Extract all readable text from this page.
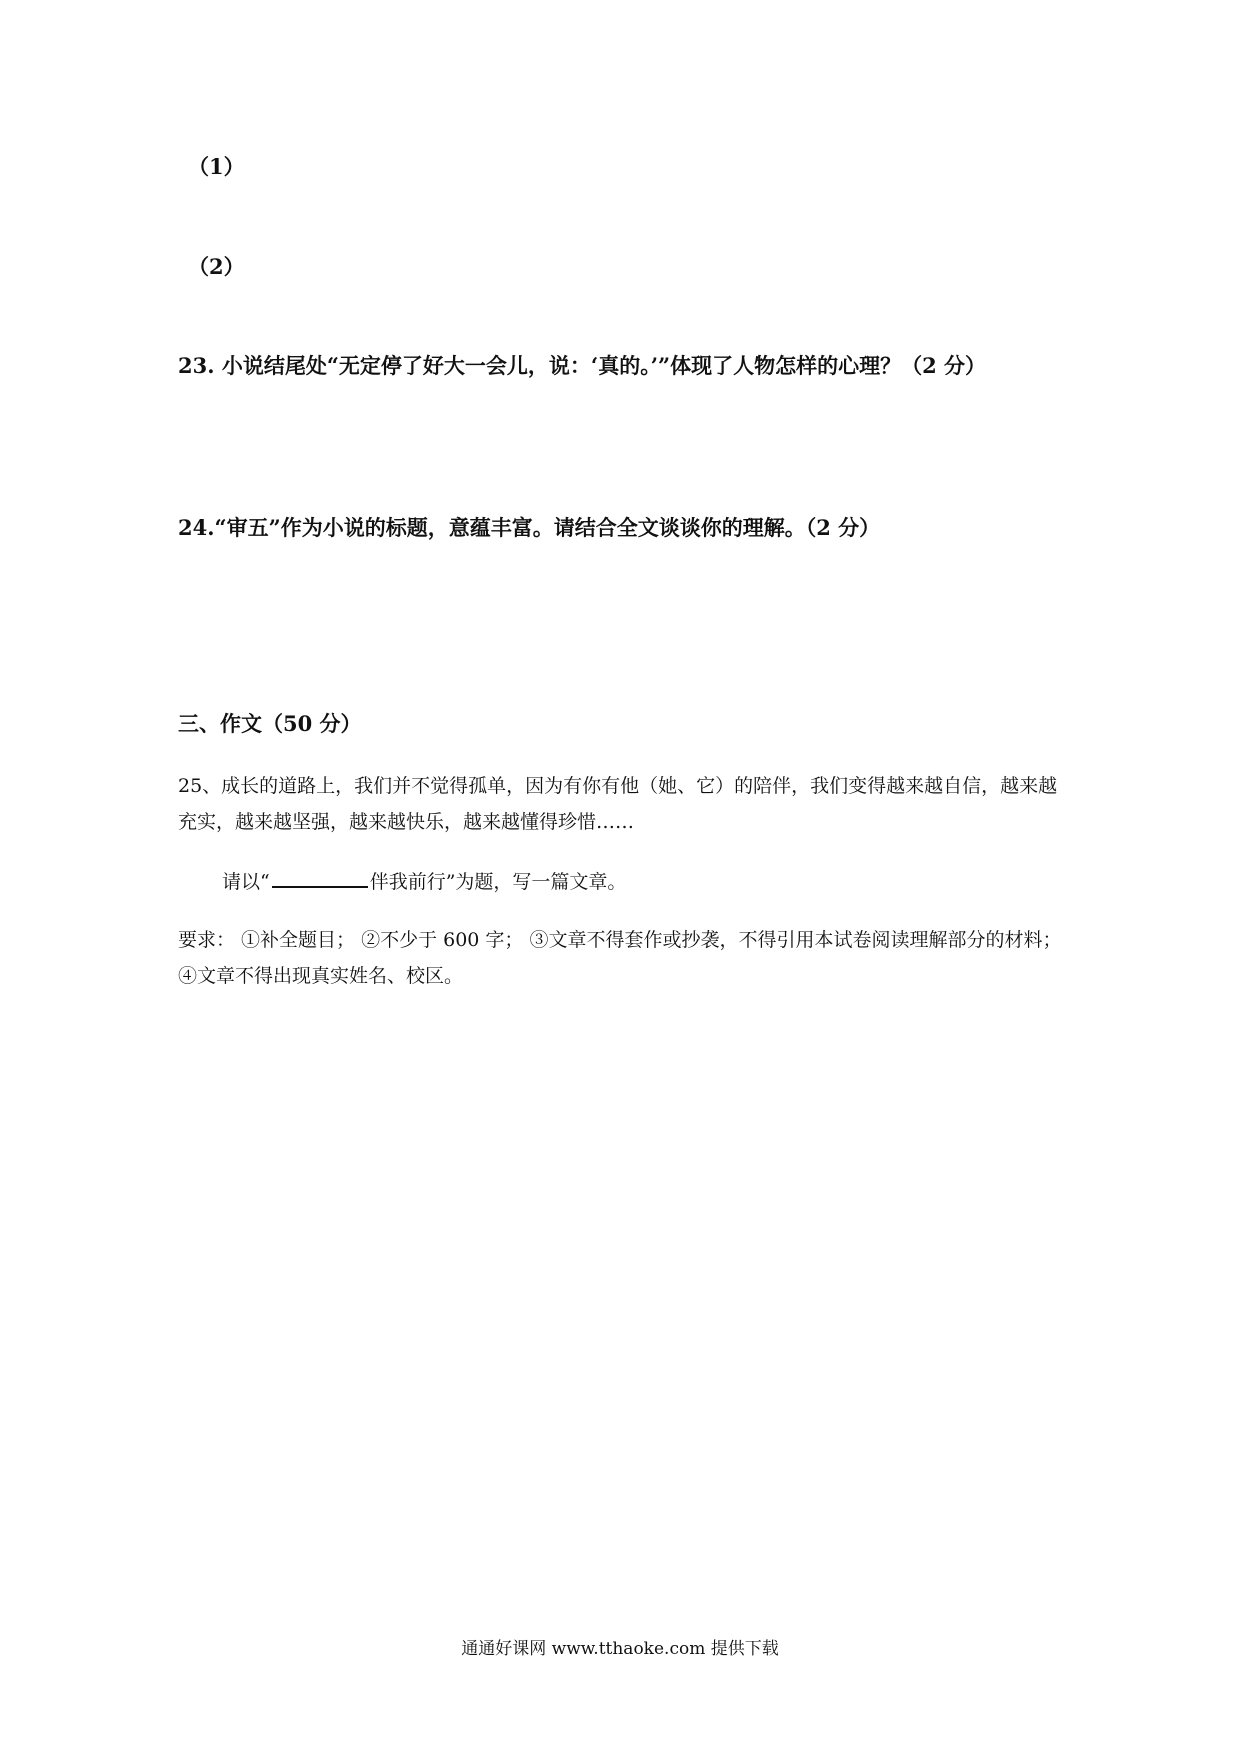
（1）
（2）
23. 小说结尾处“无定停了好大一会儿，说：‘真的。’”体现了人物怎样的心理？（2 分）
24.“审五”作为小说的标题，意蕴丰富。请结合全文谈谈你的理解。（2 分）
三、作文（50 分）
25、成长的道路上，我们并不觉得孤单，因为有你有他（她、它）的陪伴，我们变得越来越自信，越来越充实，越来越坚强，越来越快乐，越来越懂得珍惜……
请以“	伴我前行”为题，写一篇文章。
要求： ①补全题目； ②不少于 600 字； ③文章不得套作或抄袭，不得引用本试卷阅读理解部分的材料； ④文章不得出现真实姓名、校区。
通通好课网 www.tthaoke.com 提供下载
